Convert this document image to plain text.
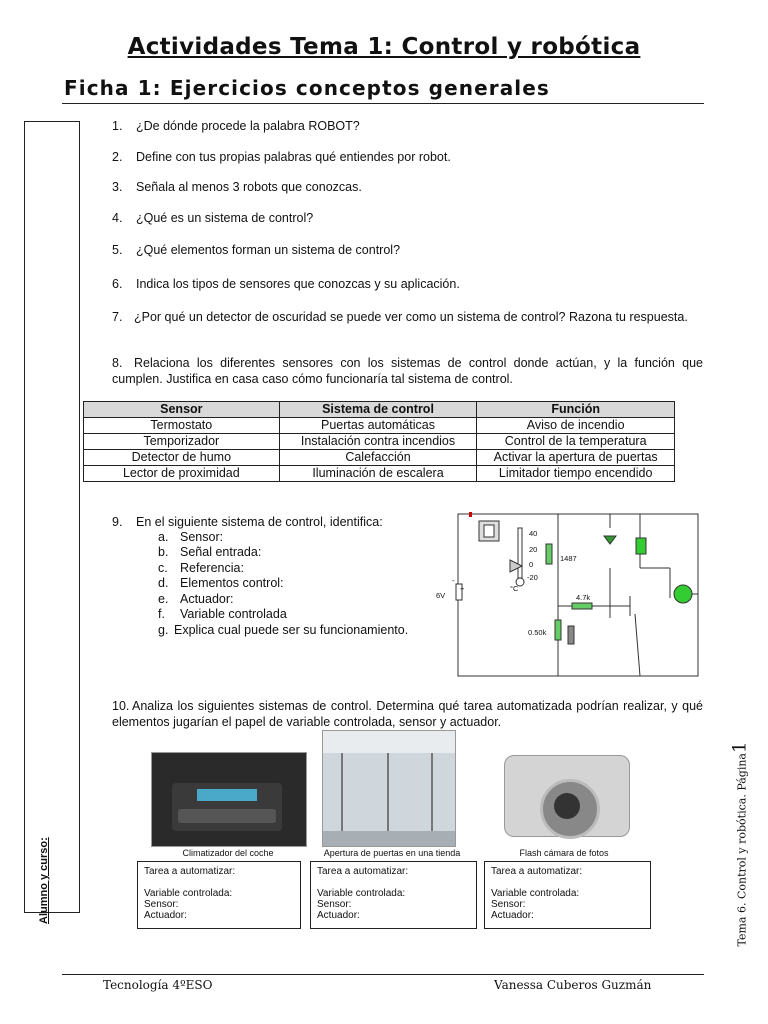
Actividades Tema 1: Control y robótica
Ficha 1: Ejercicios conceptos generales
Alumno y curso:
1. ¿De dónde procede la palabra ROBOT?
2. Define con tus propias palabras qué entiendes por robot.
3. Señala al menos 3 robots que conozcas.
4. ¿Qué es un sistema de control?
5. ¿Qué elementos forman un sistema de control?
6. Indica los tipos de sensores que conozcas y su aplicación.
7. ¿Por qué un detector de oscuridad se puede ver como un sistema de control? Razona tu respuesta.
8. Relaciona los diferentes sensores con los sistemas de control donde actúan, y la función que cumplen. Justifica en casa caso cómo funcionaría tal sistema de control.
Sensor	Sistema de control	Función
Termostato	Puertas automáticas	Aviso de incendio
Temporizador	Instalación contra incendios	Control de la temperatura
Detector de humo	Calefacción	Activar la apertura de puertas
Lector de proximidad	Iluminación de escalera	Limitador tiempo encendido
9. En el siguiente sistema de control, identifica:
a. Sensor:
b. Señal entrada:
c. Referencia:
d. Elementos control:
e. Actuador:
f. Variable controlada
g. Explica cual puede ser su funcionamiento.
40
20
0
-20
°C
1487
4.7k
0.50k
6V
-
+
10. Analiza los siguientes sistemas de control. Determina qué tarea automatizada podrían realizar, y qué elementos jugarían el papel de variable controlada, sensor y actuador.
Climatizador del coche	Apertura de puertas en una tienda	Flash cámara de fotos
Tarea a automatizar:
Variable controlada:
Sensor:
Actuador:
Tarea a automatizar:
Variable controlada:
Sensor:
Actuador:
Tarea a automatizar:
Variable controlada:
Sensor:
Actuador:	Tema 6. Control y robótica. Página1
Tecnología 4ºESO	Vanessa Cuberos Guzmán
